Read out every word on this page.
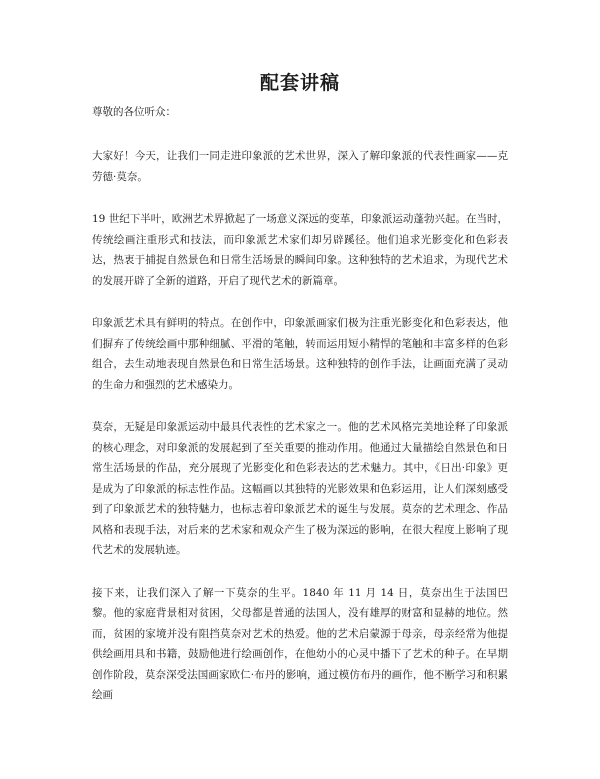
配套讲稿

尊敬的各位听众：

大家好！今天，让我们一同走进印象派的艺术世界，深入了解印象派的代表性画家——克劳德·莫奈。

19 世纪下半叶，欧洲艺术界掀起了一场意义深远的变革，印象派运动蓬勃兴起。在当时，传统绘画注重形式和技法，而印象派艺术家们却另辟蹊径。他们追求光影变化和色彩表达，热衷于捕捉自然景色和日常生活场景的瞬间印象。这种独特的艺术追求，为现代艺术的发展开辟了全新的道路，开启了现代艺术的新篇章。

印象派艺术具有鲜明的特点。在创作中，印象派画家们极为注重光影变化和色彩表达，他们摒弃了传统绘画中那种细腻、平滑的笔触，转而运用短小精悍的笔触和丰富多样的色彩组合，去生动地表现自然景色和日常生活场景。这种独特的创作手法，让画面充满了灵动的生命力和强烈的艺术感染力。

莫奈，无疑是印象派运动中最具代表性的艺术家之一。他的艺术风格完美地诠释了印象派的核心理念，对印象派的发展起到了至关重要的推动作用。他通过大量描绘自然景色和日常生活场景的作品，充分展现了光影变化和色彩表达的艺术魅力。其中，《日出·印象》更是成为了印象派的标志性作品。这幅画以其独特的光影效果和色彩运用，让人们深刻感受到了印象派艺术的独特魅力，也标志着印象派艺术的诞生与发展。莫奈的艺术理念、作品风格和表现手法，对后来的艺术家和观众产生了极为深远的影响，在很大程度上影响了现代艺术的发展轨迹。

接下来，让我们深入了解一下莫奈的生平。1840 年 11 月 14 日，莫奈出生于法国巴黎。他的家庭背景相对贫困，父母都是普通的法国人，没有雄厚的财富和显赫的地位。然而，贫困的家境并没有阻挡莫奈对艺术的热爱。他的艺术启蒙源于母亲，母亲经常为他提供绘画用具和书籍，鼓励他进行绘画创作，在他幼小的心灵中播下了艺术的种子。在早期创作阶段，莫奈深受法国画家欧仁·布丹的影响，通过模仿布丹的画作，他不断学习和积累绘画
